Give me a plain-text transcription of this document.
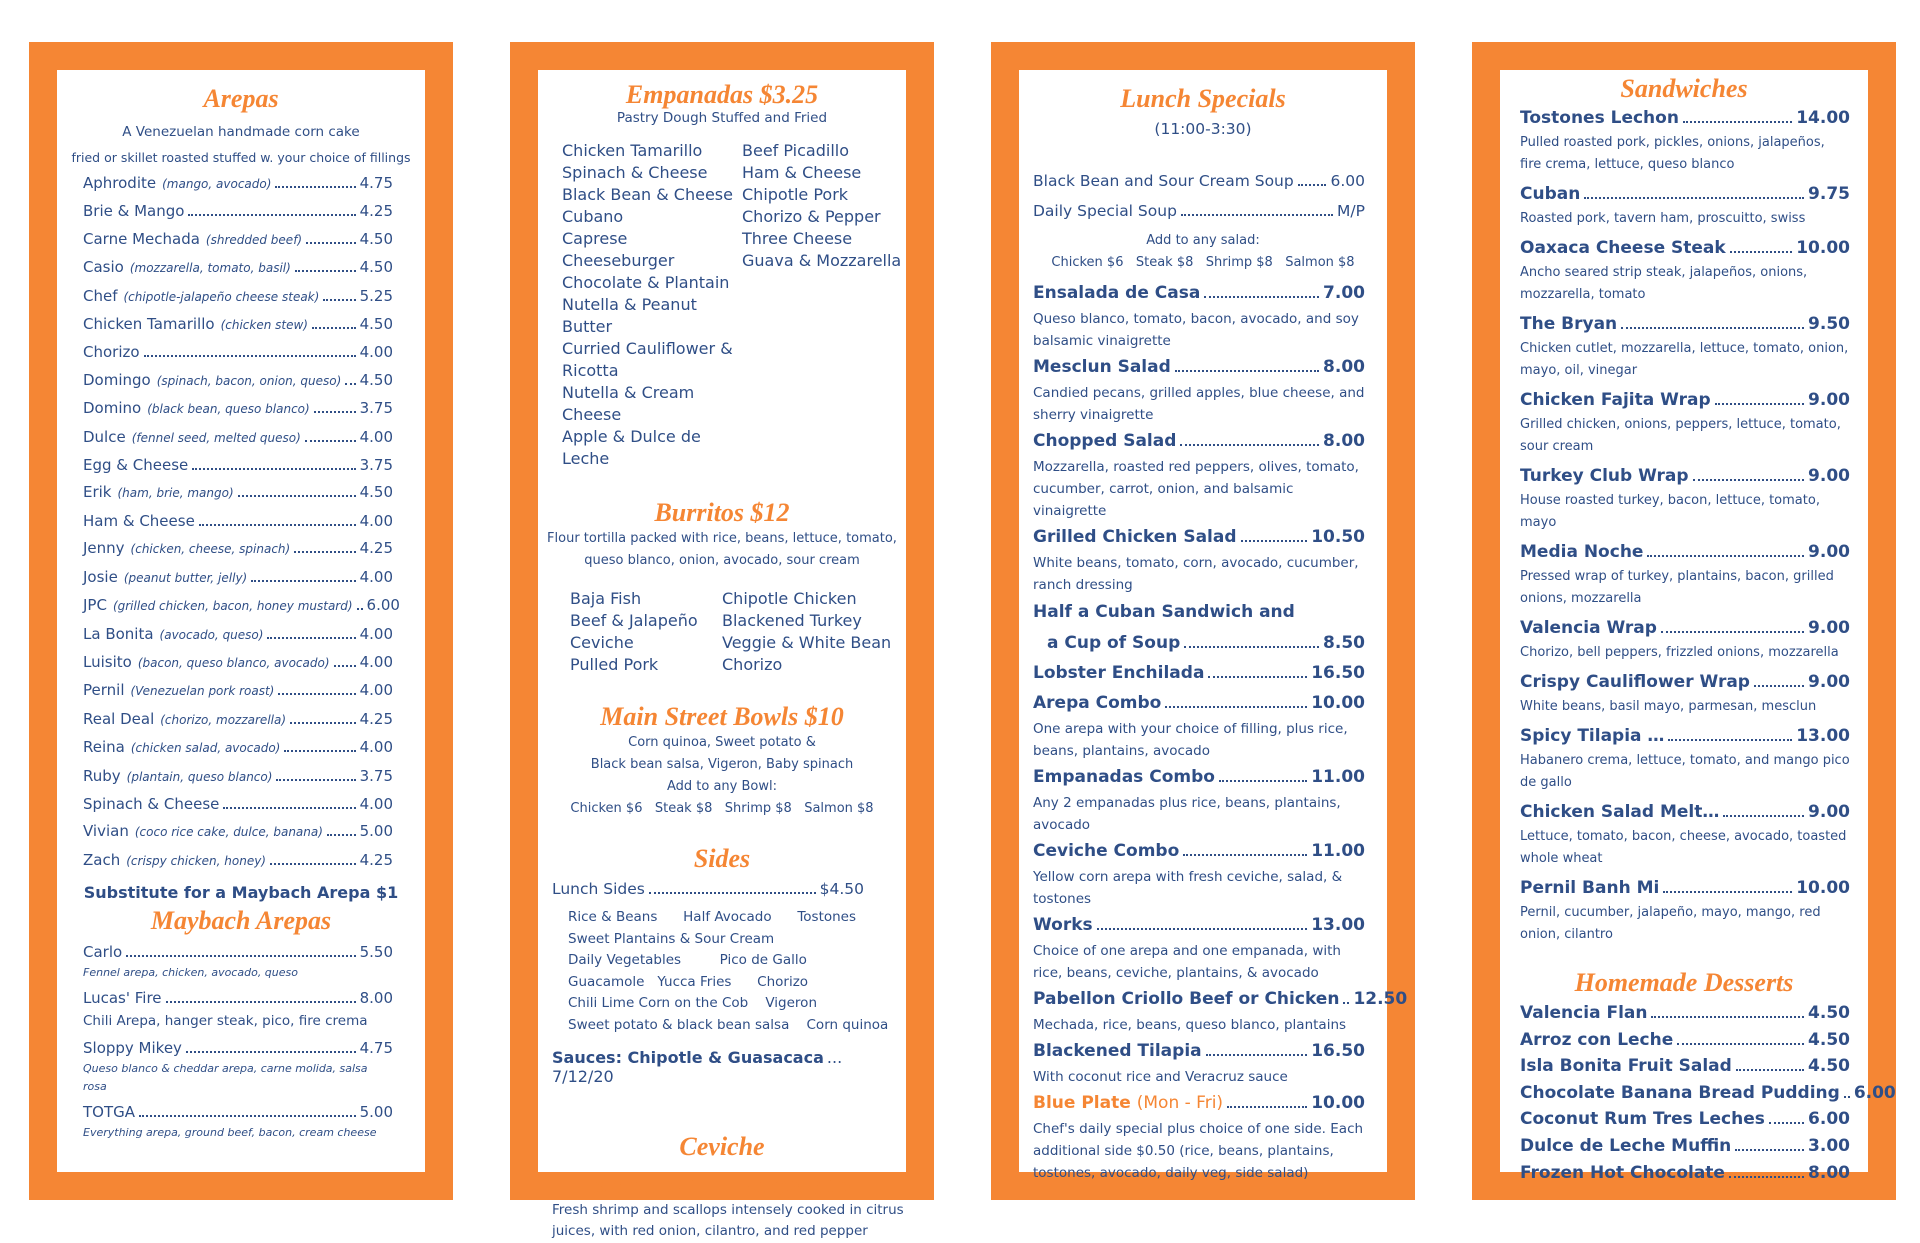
Arepas
A Venezuelan handmade corn cake
fried or skillet roasted stuffed w. your choice of fillings
Aphrodite (mango, avocado)	4.75
Brie & Mango	4.25
Carne Mechada (shredded beef)	4.50
Casio (mozzarella, tomato, basil)	4.50
Chef (chipotle-jalapeño cheese steak)	5.25
Chicken Tamarillo (chicken stew)	4.50
Chorizo	4.00
Domingo (spinach, bacon, onion, queso) 4.50
Domino (black bean, queso blanco)	3.75
Dulce (fennel seed, melted queso)	4.00
Egg & Cheese	3.75
Erik (ham, brie, mango)	4.50
Ham & Cheese	4.00
Jenny (chicken, cheese, spinach)	4.25
Josie (peanut butter, jelly)	4.00
JPC (grilled chicken, bacon, honey mustard) 6.00
La Bonita (avocado, queso)	4.00
Luisito (bacon, queso blanco, avocado) 4.00
Pernil (Venezuelan pork roast)	4.00
Real Deal (chorizo, mozzarella)	4.25
Reina (chicken salad, avocado)	4.00
Ruby (plantain, queso blanco)	3.75
Spinach & Cheese	4.00
Vivian (coco rice cake, dulce, banana) 5.00
Zach (crispy chicken, honey)	4.25
Substitute for a Maybach Arepa $1
Maybach Arepas
Carlo	5.50
Fennel arepa, chicken, avocado, queso
Lucas' Fire	8.00
Chili Arepa, hanger steak, pico, fire crema
Sloppy Mikey	4.75
Queso blanco & cheddar arepa, carne molida, salsa rosa
TOTGA	5.00
Everything arepa, ground beef, bacon, cream cheese
Empanadas $3.25
Pastry Dough Stuffed and Fried
Chicken Tamarillo
Spinach & Cheese
Black Bean & Cheese
Cubano
Caprese
Cheeseburger
Chocolate & Plantain
Nutella & Peanut Butter
Curried Cauliflower & Ricotta
Nutella & Cream Cheese
Apple & Dulce de Leche
Beef Picadillo
Ham & Cheese
Chipotle Pork
Chorizo & Pepper
Three Cheese
Guava & Mozzarella
Burritos $12
Flour tortilla packed with rice, beans, lettuce, tomato,
queso blanco, onion, avocado, sour cream
Baja Fish
Beef & Jalapeño
Ceviche
Pulled Pork
Chipotle Chicken
Blackened Turkey
Veggie & White Bean
Chorizo
Main Street Bowls $10
Corn quinoa, Sweet potato &
Black bean salsa, Vigeron, Baby spinach
Add to any Bowl:
Chicken $6   Steak $8   Shrimp $8   Salmon $8
Sides
Lunch Sides	$4.50
Rice & Beans      Half Avocado      Tostones
Sweet Plantains & Sour Cream
Daily Vegetables         Pico de Gallo
Guacamole   Yucca Fries      Chorizo
Chili Lime Corn on the Cob    Vigeron
Sweet potato & black bean salsa    Corn quinoa
Sauces: Chipotle & Guasacaca ... 7/12/20
Ceviche
Small $11 Large $16
Fresh shrimp and scallops intensely cooked in citrus
juices, with red onion, cilantro, and red pepper
Lunch Specials
(11:00-3:30)
Black Bean and Sour Cream Soup 6.00
Daily Special Soup	M/P
Add to any salad:
Chicken $6   Steak $8   Shrimp $8   Salmon $8
Ensalada de Casa	7.00
Queso blanco, tomato, bacon, avocado, and soy balsamic vinaigrette
Mesclun Salad	8.00
Candied pecans, grilled apples, blue cheese, and sherry vinaigrette
Chopped Salad	8.00
Mozzarella, roasted red peppers, olives, tomato, cucumber, carrot, onion, and balsamic vinaigrette
Grilled Chicken Salad	10.50
White beans, tomato, corn, avocado, cucumber, ranch dressing
Half a Cuban Sandwich and
a Cup of Soup	8.50
Lobster Enchilada	16.50
Arepa Combo	10.00
One arepa with your choice of filling, plus rice, beans, plantains, avocado
Empanadas Combo	11.00
Any 2 empanadas plus rice, beans, plantains, avocado
Ceviche Combo	11.00
Yellow corn arepa with fresh ceviche, salad, & tostones
Works	13.00
Choice of one arepa and one empanada, with rice, beans, ceviche, plantains, & avocado
Pabellon Criollo Beef or Chicken 12.50
Mechada, rice, beans, queso blanco, plantains
Blackened Tilapia	16.50
With coconut rice and Veracruz sauce
Blue Plate (Mon - Fri)	10.00
Chef's daily special plus choice of one side. Each additional side $0.50 (rice, beans, plantains, tostones, avocado, daily veg, side salad)
Sandwiches
Tostones Lechon	14.00
Pulled roasted pork, pickles, onions, jalapeños, fire crema, lettuce, queso blanco
Cuban	9.75
Roasted pork, tavern ham, proscuitto, swiss
Oaxaca Cheese Steak	10.00
Ancho seared strip steak, jalapeños, onions, mozzarella, tomato
The Bryan	9.50
Chicken cutlet, mozzarella, lettuce, tomato, onion, mayo, oil, vinegar
Chicken Fajita Wrap	9.00
Grilled chicken, onions, peppers, lettuce, tomato, sour cream
Turkey Club Wrap	9.00
House roasted turkey, bacon, lettuce, tomato, mayo
Media Noche	9.00
Pressed wrap of turkey, plantains, bacon, grilled onions, mozzarella
Valencia Wrap	9.00
Chorizo, bell peppers, frizzled onions, mozzarella
Crispy Cauliflower Wrap	9.00
White beans, basil mayo, parmesan, mesclun
Spicy Tilapia …	13.00
Habanero crema, lettuce, tomato, and mango pico de gallo
Chicken Salad Melt…	9.00
Lettuce, tomato, bacon, cheese, avocado, toasted whole wheat
Pernil Banh Mi	10.00
Pernil, cucumber, jalapeño, mayo, mango, red onion, cilantro
Homemade Desserts
Valencia Flan	4.50
Arroz con Leche	4.50
Isla Bonita Fruit Salad	4.50
Chocolate Banana Bread Pudding 6.00
Coconut Rum Tres Leches	6.00
Dulce de Leche Muffin	3.00
Frozen Hot Chocolate	8.00
